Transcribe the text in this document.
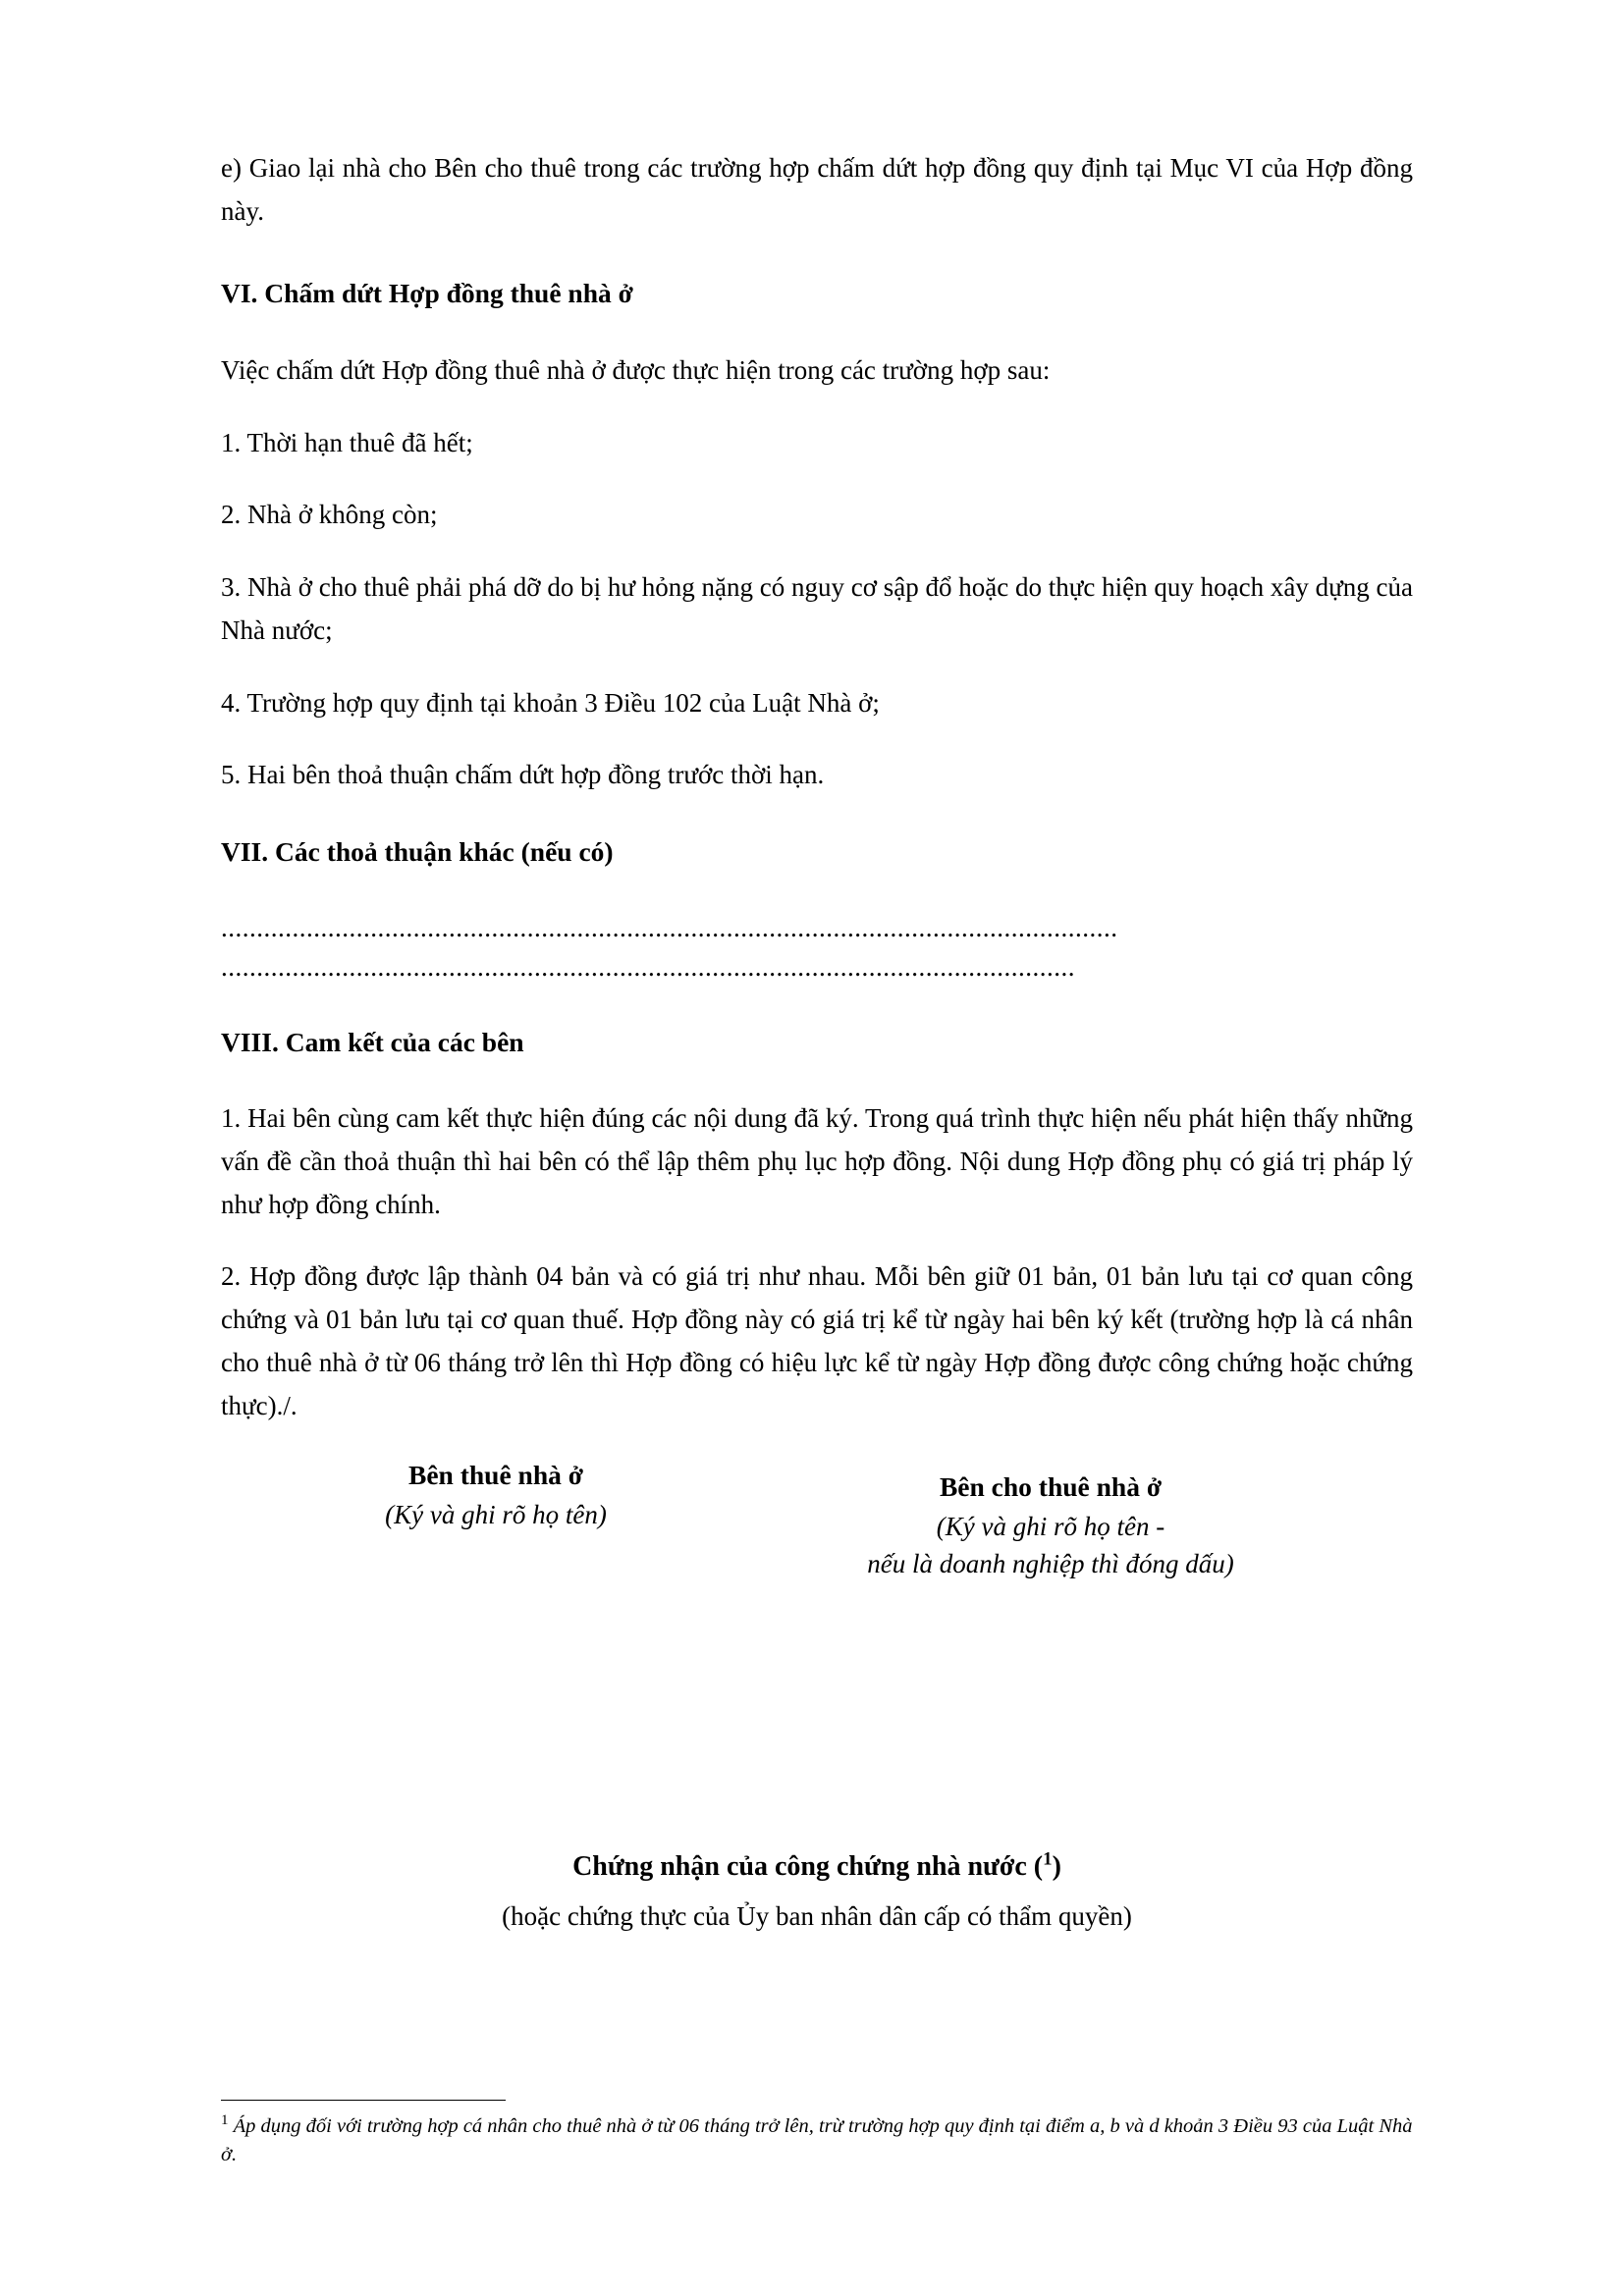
e) Giao lại nhà cho Bên cho thuê trong các trường hợp chấm dứt hợp đồng quy định tại Mục VI của Hợp đồng này.

VI. Chấm dứt Hợp đồng thuê nhà ở

Việc chấm dứt Hợp đồng thuê nhà ở được thực hiện trong các trường hợp sau:

1. Thời hạn thuê đã hết;

2. Nhà ở không còn;

3. Nhà ở cho thuê phải phá dỡ do bị hư hỏng nặng có nguy cơ sập đổ hoặc do thực hiện quy hoạch xây dựng của Nhà nước;

4. Trường hợp quy định tại khoản 3 Điều 102 của Luật Nhà ở;

5. Hai bên thoả thuận chấm dứt hợp đồng trước thời hạn.

VII. Các thoả thuận khác (nếu có)
..............................................................................................................................
........................................................................................................................
VIII. Cam kết của các bên

1. Hai bên cùng cam kết thực hiện đúng các nội dung đã ký. Trong quá trình thực hiện nếu phát hiện thấy những vấn đề cần thoả thuận thì hai bên có thể lập thêm phụ lục hợp đồng. Nội dung Hợp đồng phụ có giá trị pháp lý như hợp đồng chính.

2. Hợp đồng được lập thành 04 bản và có giá trị như nhau. Mỗi bên giữ 01 bản, 01 bản lưu tại cơ quan công chứng và 01 bản lưu tại cơ quan thuế. Hợp đồng này có giá trị kể từ ngày hai bên ký kết (trường hợp là cá nhân cho thuê nhà ở từ 06 tháng trở lên thì Hợp đồng có hiệu lực kể từ ngày Hợp đồng được công chứng hoặc chứng thực)./.

Bên thuê nhà ở
(Ký và ghi rõ họ tên)
Bên cho thuê nhà ở
(Ký và ghi rõ họ tên -
nếu là doanh nghiệp thì đóng dấu)
Chứng nhận của công chứng nhà nước ($^1$)
(hoặc chứng thực của Ủy ban nhân dân cấp có thẩm quyền)
$^1$ Áp dụng đối với trường hợp cá nhân cho thuê nhà ở từ 06 tháng trở lên, trừ trường hợp quy định tại điểm a, b và d khoản 3 Điều 93 của Luật Nhà ở.
